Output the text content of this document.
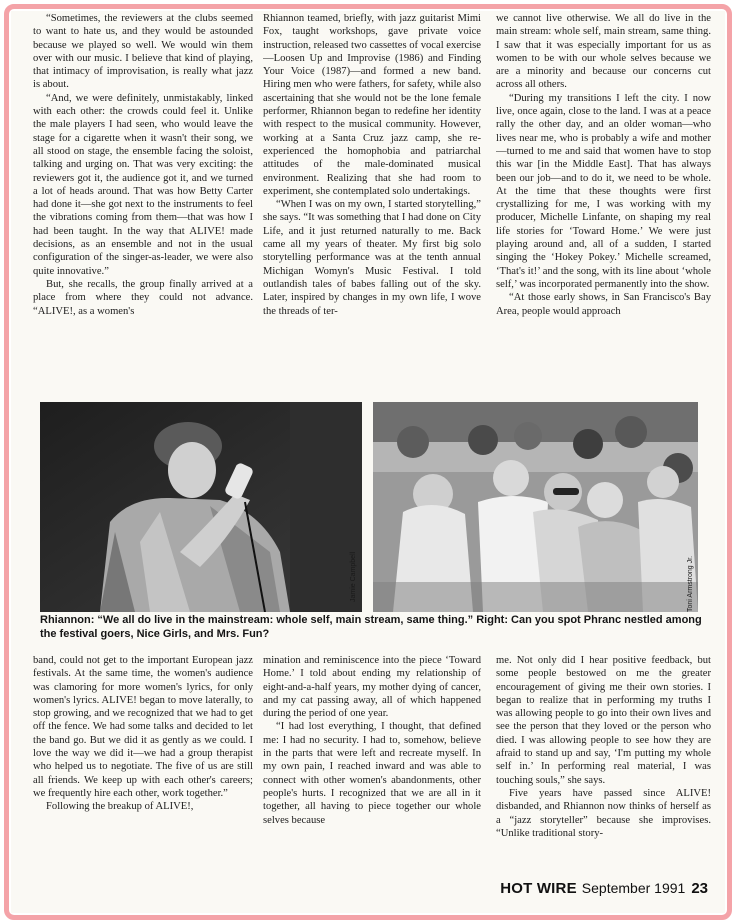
“Sometimes, the reviewers at the clubs seemed to want to hate us, and they would be astounded because we played so well. We would win them over with our music. I believe that kind of playing, that intimacy of improvisation, is really what jazz is about.

“And, we were definitely, unmistakably, linked with each other: the crowds could feel it. Unlike the male players I had seen, who would leave the stage for a cigarette when it wasn't their song, we all stood on stage, the ensemble facing the soloist, talking and urging on. That was very exciting: the reviewers got it, the audience got it, and we turned a lot of heads around. That was how Betty Carter had done it—she got next to the instruments to feel the vibrations coming from them—that was how I had been taught. In the way that ALIVE! made decisions, as an ensemble and not in the usual configuration of the singer-as-leader, we were also quite innovative.”

But, she recalls, the group finally arrived at a place from where they could not advance. “ALIVE!, as a women's

Rhiannon teamed, briefly, with jazz guitarist Mimi Fox, taught workshops, gave private voice instruction, released two cassettes of vocal exercise—Loosen Up and Improvise (1986) and Finding Your Voice (1987)—and formed a new band. Hiring men who were fathers, for safety, while also ascertaining that she would not be the lone female performer, Rhiannon began to redefine her identity with respect to the musical community. However, working at a Santa Cruz jazz camp, she re-experienced the homophobia and patriarchal attitudes of the male-dominated musical environment. Realizing that she had room to experiment, she contemplated solo undertakings.

“When I was on my own, I started storytelling,” she says. “It was something that I had done on City Life, and it just returned naturally to me. Back came all my years of theater. My first big solo storytelling performance was at the tenth annual Michigan Womyn's Music Festival. I told outlandish tales of babes falling out of the sky. Later, inspired by changes in my own life, I wove the threads of ter-

we cannot live otherwise. We all do live in the main stream: whole self, main stream, same thing. I saw that it was especially important for us as women to be with our whole selves because we are a minority and because our concerns cut across all others.

“During my transitions I left the city. I now live, once again, close to the land. I was at a peace rally the other day, and an older woman—who lives near me, who is probably a wife and mother—turned to me and said that women have to stop this war [in the Middle East]. That has always been our job—and to do it, we need to be whole. At the time that these thoughts were first crystallizing for me, I was working with my producer, Michelle Linfante, on shaping my real life stories for ‘Toward Home.’ We were just playing around and, all of a sudden, I started singing the ‘Hokey Pokey.’ Michelle screamed, ‘That's it!’ and the song, with its line about ‘whole self,’ was incorporated permanently into the show.

“At those early shows, in San Francisco's Bay Area, people would approach

Jamie Campbell	Toni Armstrong Jr.
Rhiannon: “We all do live in the mainstream: whole self, main stream, same thing.” Right: Can you spot Phranc nestled among the festival goers, Nice Girls, and Mrs. Fun?

band, could not get to the important European jazz festivals. At the same time, the women's audience was clamoring for more women's lyrics, for only women's lyrics. ALIVE! began to move laterally, to stop growing, and we recognized that we had to get off the fence. We had some talks and decided to let the band go. But we did it as gently as we could. I love the way we did it—we had a group therapist who helped us to negotiate. The five of us are still all friends. We keep up with each other's careers; we frequently hire each other, work together.”

Following the breakup of ALIVE!,

mination and reminiscence into the piece ‘Toward Home.’ I told about ending my relationship of eight-and-a-half years, my mother dying of cancer, and my cat passing away, all of which happened during the period of one year.

“I had lost everything, I thought, that defined me: I had no security. I had to, somehow, believe in the parts that were left and recreate myself. In my own pain, I reached inward and was able to connect with other women's abandonments, other people's hurts. I recognized that we are all in it together, all having to piece together our whole selves because

me. Not only did I hear positive feedback, but some people bestowed on me the greater encouragement of giving me their own stories. I began to realize that in performing my truths I was allowing people to go into their own lives and see the person that they loved or the person who died. I was allowing people to see how they are afraid to stand up and say, ‘I'm putting my whole self in.’ In performing real material, I was touching souls,” she says.

Five years have passed since ALIVE! disbanded, and Rhiannon now thinks of herself as a “jazz storyteller” because she improvises. “Unlike traditional story-

HOT WIRE September 1991 23
